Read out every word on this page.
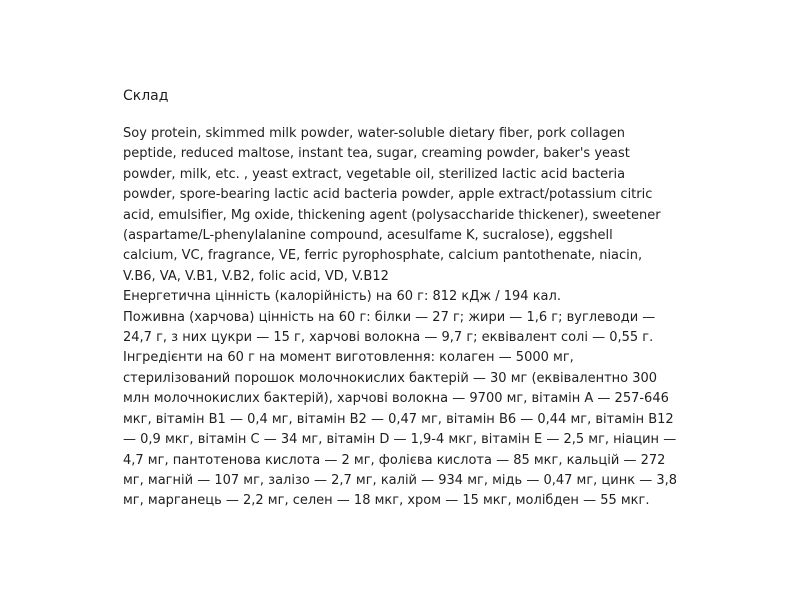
Склад
Soy protein, skimmed milk powder, water-soluble dietary fiber, pork collagen
peptide, reduced maltose, instant tea, sugar, creaming powder, baker's yeast
powder, milk, etc. , yeast extract, vegetable oil, sterilized lactic acid bacteria
powder, spore-bearing lactic acid bacteria powder, apple extract/potassium citric
acid, emulsifier, Mg oxide, thickening agent (polysaccharide thickener), sweetener
(aspartame/L-phenylalanine compound, acesulfame K, sucralose), eggshell
calcium, VC, fragrance, VE, ferric pyrophosphate, calcium pantothenate, niacin,
V.B6, VA, V.B1, V.B2, folic acid, VD, V.B12
Енергетична цінність (калорійність) на 60 г: 812 кДж / 194 кал.
Поживна (харчова) цінність на 60 г: білки — 27 г; жири — 1,6 г; вуглеводи —
24,7 г, з них цукри — 15 г, харчові волокна — 9,7 г; еквівалент солі — 0,55 г.
Інгредієнти на 60 г на момент виготовлення: колаген — 5000 мг,
стерилізований порошок молочнокислих бактерій — 30 мг (еквівалентно 300
млн молочнокислих бактерій), харчові волокна — 9700 мг, вітамін A — 257-646
мкг, вітамін B1 — 0,4 мг, вітамін B2 — 0,47 мг, вітамін B6 — 0,44 мг, вітамін B12
— 0,9 мкг, вітамін C — 34 мг, вітамін D — 1,9-4 мкг, вітамін E — 2,5 мг, ніацин —
4,7 мг, пантотенова кислота — 2 мг, фолієва кислота — 85 мкг, кальцій — 272
мг, магній — 107 мг, залізо — 2,7 мг, калій — 934 мг, мідь — 0,47 мг, цинк — 3,8
мг, марганець — 2,2 мг, селен — 18 мкг, хром — 15 мкг, молібден — 55 мкг.
